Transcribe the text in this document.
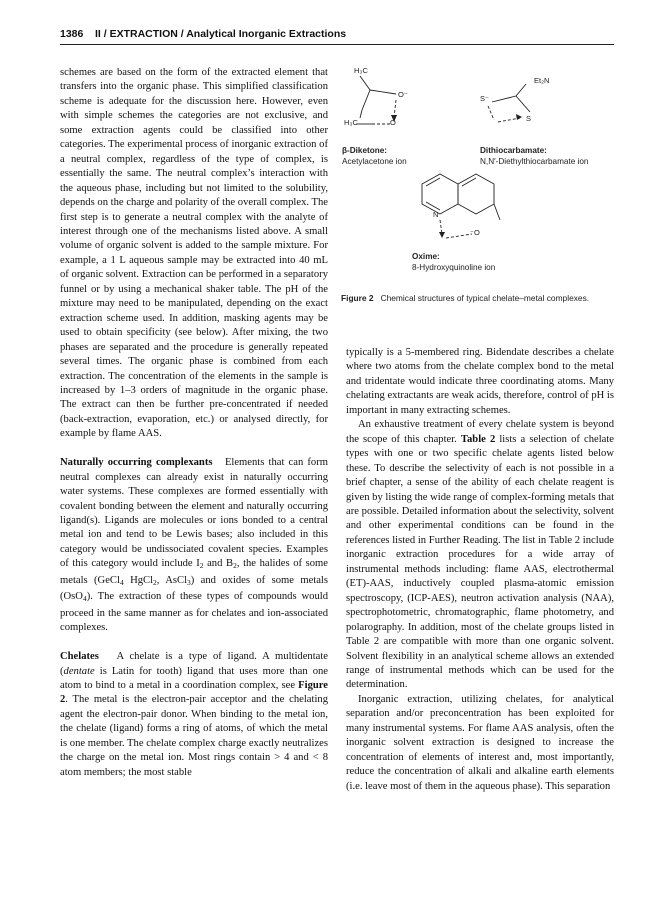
1386 II / EXTRACTION / Analytical Inorganic Extractions

schemes are based on the form of the extracted element that transfers into the organic phase. This simplified classification scheme is adequate for the discussion here. However, even with simple schemes the categories are not exclusive, and some extraction agents could be classified into other categories. The experimental process of inorganic extraction of a neutral complex, regardless of the type of complex, is essentially the same. The neutral complex’s interaction with the aqueous phase, including but not limited to the solubility, depends on the charge and polarity of the overall complex. The first step is to generate a neutral complex with the analyte of interest through one of the mechanisms listed above. A small volume of organic solvent is added to the sample mixture. For example, a 1 L aqueous sample may be extracted into 40 mL of organic solvent. Extraction can be performed in a separatory funnel or by using a mechanical shaker table. The pH of the mixture may need to be manipulated, depending on the exact extraction scheme used. In addition, masking agents may be used to obtain specificity (see below). After mixing, the two phases are separated and the procedure is generally repeated several times. The organic phase is combined from each extraction. The concentration of the elements in the sample is increased by 1–3 orders of magnitude in the organic phase. The extract can then be further pre-concentrated if needed (back-extraction, evaporation, etc.) or analysed directly, for example by flame AAS.

Naturally occurring complexants Elements that can form neutral complexes can already exist in naturally occurring water systems. These complexes are formed essentially with covalent bonding between the element and naturally occurring ligand(s). Ligands are molecules or ions bonded to a central metal ion and tend to be Lewis bases; also included in this category would be undissociated covalent species. Examples of this category would include $I_2$ and $B_2$, the halides of some metals (GeCl$_4$ HgCl$_2$, AsCl$_3$) and oxides of some metals (OsO$_4$). The extraction of these types of compounds would proceed in the same manner as for chelates and ion-associated complexes.

Chelates A chelate is a type of ligand. A multidentate (dentate is Latin for tooth) ligand that uses more than one atom to bind to a metal in a coordination complex, see Figure 2. The metal is the electron-pair acceptor and the chelating agent the electron-pair donor. When binding to the metal ion, the chelate (ligand) forms a ring of atoms, of which the metal is one member. The chelate complex charge exactly neutralizes the charge on the metal ion. Most rings contain > 4 and < 8 atom members; the most stable

H₃C
O⁻
H₃C	O
β-Diketone:
Acetylacetone ion
Et₂N
S⁻
S
Dithiocarbamate:
N,N′-Diethylthiocarbamate ion
N
⁻O
Oxime:
8-Hydroxyquinoline ion
Figure 2 Chemical structures of typical chelate–metal complexes.

typically is a 5-membered ring. Bidendate describes a chelate where two atoms from the chelate complex bond to the metal and tridentate would indicate three coordinating atoms. Many chelating extractants are weak acids, therefore, control of pH is important in many extracting schemes.

An exhaustive treatment of every chelate system is beyond the scope of this chapter. Table 2 lists a selection of chelate types with one or two specific chelate agents listed below these. To describe the selectivity of each is not possible in a brief chapter, a sense of the ability of each chelate reagent is given by listing the wide range of complex-forming metals that are possible. Detailed information about the selectivity, solvent and other experimental conditions can be found in the references listed in Further Reading. The list in Table 2 include inorganic extraction procedures for a wide array of instrumental methods including: flame AAS, electrothermal (ET)-AAS, inductively coupled plasma-atomic emission spectroscopy, (ICP-AES), neutron activation analysis (NAA), spectrophotometric, chromatographic, flame photometry, and polarography. In addition, most of the chelate groups listed in Table 2 are compatible with more than one organic solvent. Solvent flexibility in an analytical scheme allows an extended range of instrumental methods which can be used for the determination.

Inorganic extraction, utilizing chelates, for analytical separation and/or preconcentration has been exploited for many instrumental systems. For flame AAS analysis, often the inorganic solvent extraction is designed to increase the concentration of elements of interest and, most importantly, reduce the concentration of alkali and alkaline earth elements (i.e. leave most of them in the aqueous phase). This separation
